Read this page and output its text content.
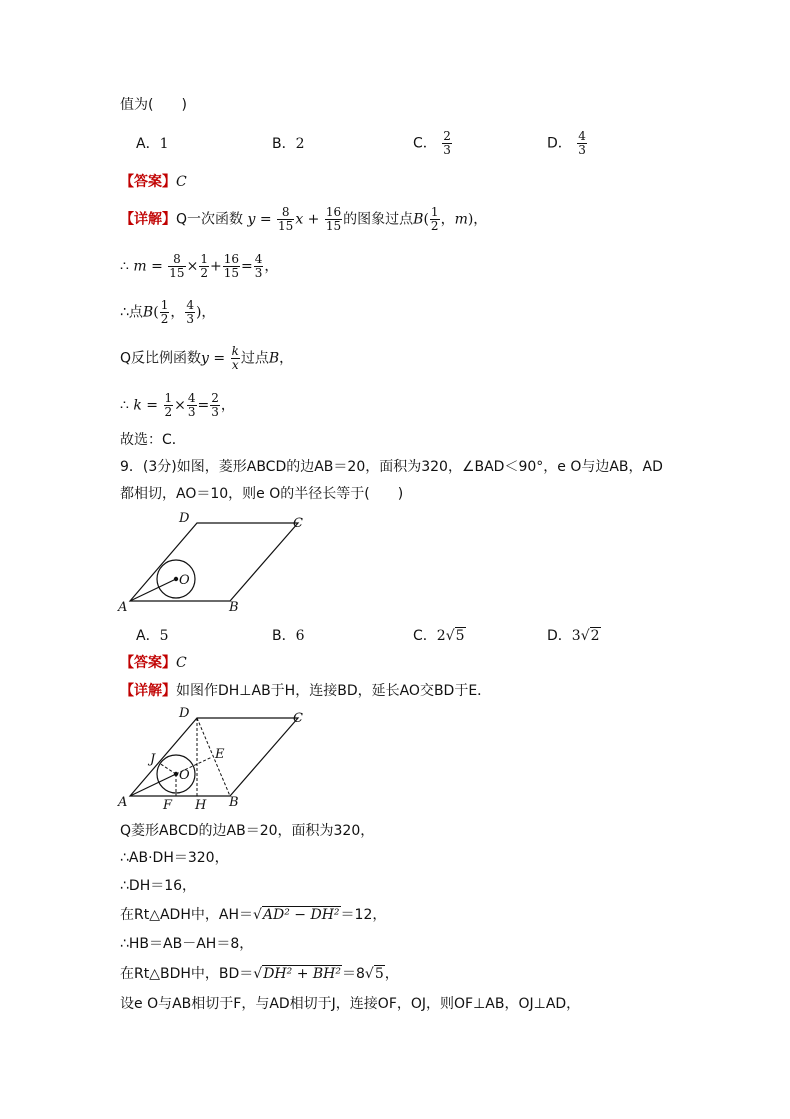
值为(　　)
A．1	B．2	C． $\frac{2}{3}$	D． $\frac{4}{3}$
【答案】C
【详解】Q一次函数 $y = \frac{8}{15}$ $x + \frac{16}{15}$ 的图象过点$B( \frac{1}{2}$ ，m)，
∴ $m = \frac{8}{15} \times \frac{1}{2} + \frac{16}{15} = \frac{4}{3}$ ，
∴点$B( \frac{1}{2}$ ， $\frac{4}{3}$ )，
Q反比例函数$y = \frac{k}{x}$ 过点B，
∴ $k = \frac{1}{2} \times \frac{4}{3} = \frac{2}{3}$ ，
故选：C．
9．(3分)如图，菱形ABCD的边AB＝20，面积为320，∠BAD＜90°，e O与边AB，AD
都相切，AO＝10，则e O的半径长等于(　　)
D	C
A	B
O
A．5	B．6	C．2√5	D．3√2
【答案】C
【详解】如图作DH⊥AB于H，连接BD，延长AO交BD于E．
D	C
J	E
O
A	F H B
Q菱形ABCD的边AB＝20，面积为320，
∴AB·DH＝320，
∴DH＝16，
在Rt△ADH中，AH＝√AD² − DH²＝12，
∴HB＝AB－AH＝8，
在Rt△BDH中，BD＝√DH² + BH²＝8√5，
设e O与AB相切于F，与AD相切于J，连接OF，OJ，则OF⊥AB，OJ⊥AD，
